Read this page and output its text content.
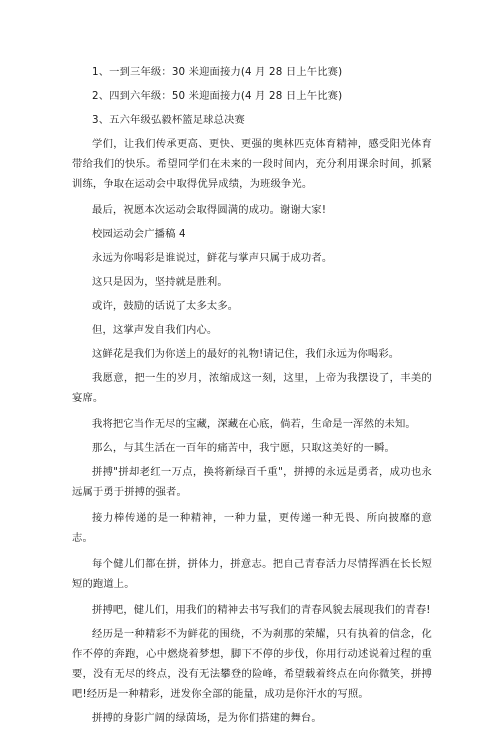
1、一到三年级：30 米迎面接力(4 月 28 日上午比赛)

2、四到六年级：50 米迎面接力(4 月 28 日上午比赛)

3、五六年级弘毅杯篮足球总决赛

学们，让我们传承更高、更快、更强的奥林匹克体育精神，感受阳光体育带给我们的快乐。希望同学们在未来的一段时间内，充分利用课余时间，抓紧训练，争取在运动会中取得优异成绩，为班级争光。

最后，祝愿本次运动会取得圆满的成功。谢谢大家!

校园运动会广播稿 4

永远为你喝彩是谁说过，鲜花与掌声只属于成功者。

这只是因为，坚持就是胜利。

或许，鼓励的话说了太多太多。

但，这掌声发自我们内心。

这鲜花是我们为你送上的最好的礼物!请记住，我们永远为你喝彩。

我愿意，把一生的岁月，浓缩成这一刻，这里，上帝为我摆设了，丰美的宴席。

我将把它当作无尽的宝藏，深藏在心底，倘若，生命是一浑然的未知。

那么，与其生活在一百年的痛苦中，我宁愿，只取这美好的一瞬。

拼搏"拼却老红一万点，换将新绿百千重"，拼搏的永远是勇者，成功也永远属于勇于拼搏的强者。

接力棒传递的是一种精神，一种力量，更传递一种无畏、所向披靡的意志。

每个健儿们都在拼，拼体力，拼意志。把自己青春活力尽情挥洒在长长短短的跑道上。

拼搏吧，健儿们，用我们的精神去书写我们的青春风貌去展现我们的青春!

经历是一种精彩不为鲜花的围绕，不为刹那的荣耀，只有执着的信念，化作不停的奔跑，心中燃烧着梦想，脚下不停的步伐，你用行动述说着过程的重要，没有无尽的终点，没有无法攀登的险峰，希望载着终点在向你微笑，拼搏吧!经历是一种精彩，迸发你全部的能量，成功是你汗水的写照。

拼搏的身影广阔的绿茵场，是为你们搭建的舞台。
